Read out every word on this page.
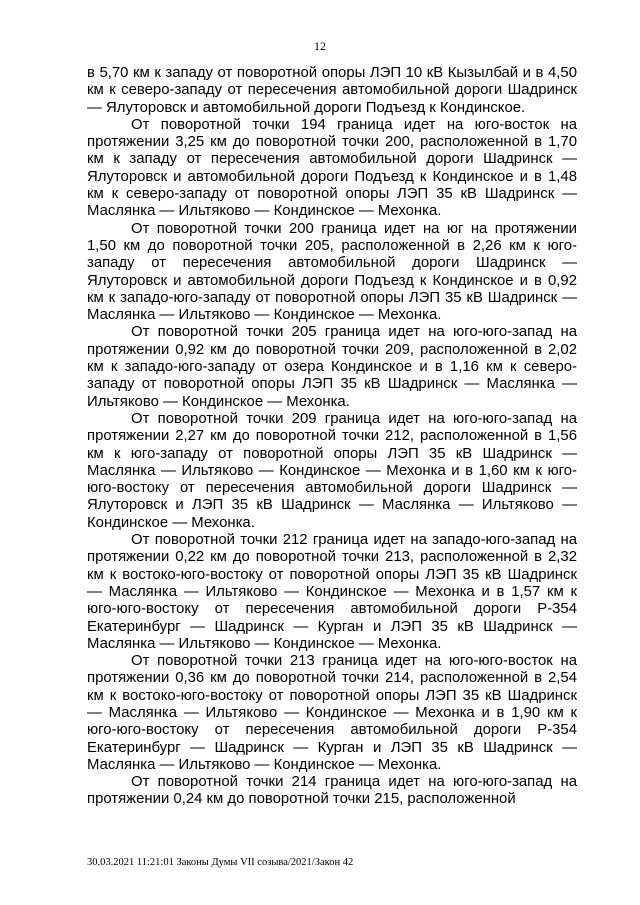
12

в 5,70 км к западу от поворотной опоры ЛЭП 10 кВ Кызылбай и в 4,50 км к северо-западу от пересечения автомобильной дороги Шадринск — Ялуторовск и автомобильной дороги Подъезд к Кондинское.

От поворотной точки 194 граница идет на юго-восток на протяжении 3,25 км до поворотной точки 200, расположенной в 1,70 км к западу от пересечения автомобильной дороги Шадринск — Ялуторовск и автомобильной дороги Подъезд к Кондинское и в 1,48 км к северо-западу от поворотной опоры ЛЭП 35 кВ Шадринск — Маслянка — Ильтяково — Кондинское — Мехонка.

От поворотной точки 200 граница идет на юг на протяжении 1,50 км до поворотной точки 205, расположенной в 2,26 км к юго-западу от пересечения автомобильной дороги Шадринск — Ялуторовск и автомобильной дороги Подъезд к Кондинское и в 0,92 км к западо-юго-западу от поворотной опоры ЛЭП 35 кВ Шадринск — Маслянка — Ильтяково — Кондинское — Мехонка.

От поворотной точки 205 граница идет на юго-юго-запад на протяжении 0,92 км до поворотной точки 209, расположенной в 2,02 км к западо-юго-западу от озера Кондинское и в 1,16 км к северо-западу от поворотной опоры ЛЭП 35 кВ Шадринск — Маслянка — Ильтяково — Кондинское — Мехонка.

От поворотной точки 209 граница идет на юго-юго-запад на протяжении 2,27 км до поворотной точки 212, расположенной в 1,56 км к юго-западу от поворотной опоры ЛЭП 35 кВ Шадринск — Маслянка — Ильтяково — Кондинское — Мехонка и в 1,60 км к юго-юго-востоку от пересечения автомобильной дороги Шадринск — Ялуторовск и ЛЭП 35 кВ Шадринск — Маслянка — Ильтяково — Кондинское — Мехонка.

От поворотной точки 212 граница идет на западо-юго-запад на протяжении 0,22 км до поворотной точки 213, расположенной в 2,32 км к востоко-юго-востоку от поворотной опоры ЛЭП 35 кВ Шадринск — Маслянка — Ильтяково — Кондинское — Мехонка и в 1,57 км к юго-юго-востоку от пересечения автомобильной дороги Р-354 Екатеринбург — Шадринск — Курган и ЛЭП 35 кВ Шадринск — Маслянка — Ильтяково — Кондинское — Мехонка.

От поворотной точки 213 граница идет на юго-юго-восток на протяжении 0,36 км до поворотной точки 214, расположенной в 2,54 км к востоко-юго-востоку от поворотной опоры ЛЭП 35 кВ Шадринск — Маслянка — Ильтяково — Кондинское — Мехонка и в 1,90 км к юго-юго-востоку от пересечения автомобильной дороги Р-354 Екатеринбург — Шадринск — Курган и ЛЭП 35 кВ Шадринск — Маслянка — Ильтяково — Кондинское — Мехонка.

От поворотной точки 214 граница идет на юго-юго-запад на протяжении 0,24 км до поворотной точки 215, расположенной

30.03.2021 11:21:01 Законы Думы VII созыва/2021/Закон 42
